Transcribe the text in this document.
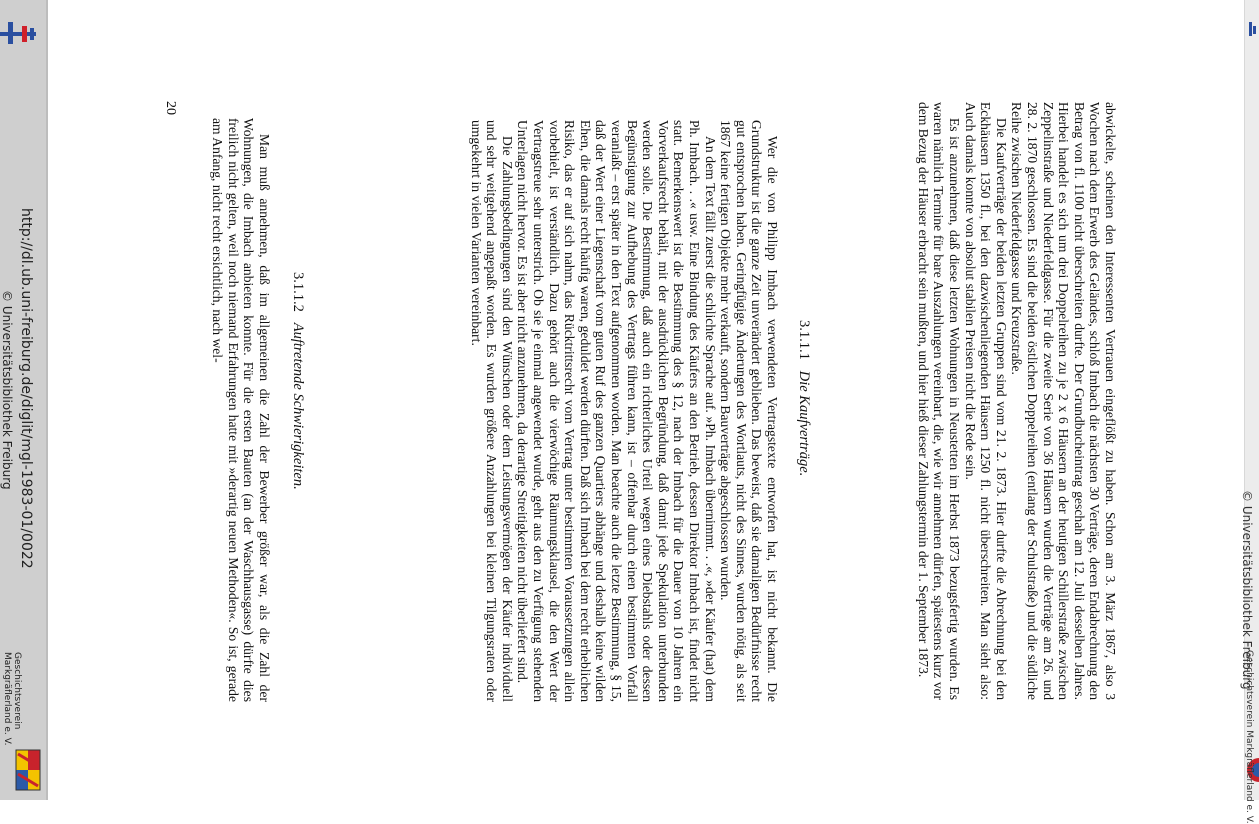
http://dl.ub.uni-freiburg.de/diglit/mgl-1983-01/0022
© Universitätsbibliothek Freiburg
Geschichtsverein Markgräflerland e. V.
© Universitätsbibliothek Freiburg
Geschichtsverein Markgräflerland e. V.
20	abwickelte, scheinen den Interessenten Vertrauen eingeflößt zu haben. Schon am 3. März 1867, also 3 Wochen nach dem Erwerb des Geländes, schloß Imbach die nächsten 30 Verträge, deren Endabrechnung den Betrag von fl. 1100 nicht überschreiten durfte. Der Grundbucheintrag geschah am 12. Juli desselben Jahres. Hierbei handelt es sich um drei Doppelreihen zu je 2 x 6 Häusern an der heutigen Schillerstraße zwischen Zeppelinstraße und Niederfeldgasse. Für die zweite Serie von 36 Häusern wurden die Verträge am 26. und 28. 2. 1870 geschlossen. Es sind die beiden östlichen Doppelreihen (entlang der Schulstraße) und die südliche Reihe zwischen Niederfeldgasse und Kreuzstraße.

Die Kaufverträge der beiden letzten Gruppen sind vom 21. 2. 1873. Hier durfte die Abrechnung bei den Eckhäusern 1350 fl., bei den dazwischenliegenden Häusern 1250 fl. nicht überschreiten. Man sieht also: Auch damals konnte von absolut stabilen Preisen nicht die Rede sein.

Es ist anzunehmen, daß diese letzten Wohnungen in Neustetten im Herbst 1873 bezugsfertig wurden. Es waren nämlich Termine für bare Auszahlungen vereinbart, die, wie wir annehmen dürfen, spätestens kurz vor dem Bezug der Häuser erbracht sein mußten, und hier hieß dieser Zahlungstermin der 1. September 1873.

3.1.1.1   Die Kaufverträge.

Wer die von Philipp Imbach verwendeten Vertragstexte entworfen hat, ist nicht bekannt. Die Grundstruktur ist die ganze Zeit unverändert geblieben. Das beweist, daß sie damaligen Bedürfnisse recht gut entsprochen haben. Geringfügige Änderungen des Wortlauts, nicht des Sinnes, wurden nötig, als seit 1867 keine fertigen Objekte mehr verkauft, sondern Bauverträge abgeschlossen wurden.

An dem Text fällt zuerst die schlichte Sprache auf. »Ph. Imbach übernimmt. . .«, »der Käufer (hat) dem Ph. Imbach. . .« usw. Eine Bindung des Käufers an den Betrieb, dessen Direktor Imbach ist, findet nicht statt. Bemerkenswert ist die Bestimmung des § 12, nach der Imbach für die Dauer von 10 Jahren ein Vorverkaufsrecht behält, mit der ausdrücklichen Begründung, daß damit jede Spekulation unterbunden werden solle. Die Bestimmung, daß auch ein richterliches Urteil wegen eines Diebstahls oder dessen Begünstigung zur Aufhebung des Vertrags führen kann, ist – offenbar durch einen bestimmten Vorfall veranlaßt – erst später in den Text aufgenommen worden. Man beachte auch die letzte Bestimmung, § 15, daß der Wert einer Liegenschaft vom guten Ruf des ganzen Quartiers abhänge und deshalb keine wilden Ehen, die damals recht häufig waren, geduldet werden dürften. Daß sich Imbach bei dem recht erheblichen Risiko, das er auf sich nahm, das Rücktrittsrecht vom Vertrag unter bestimmten Voraussetzungen allein vorbehielt, ist verständlich. Dazu gehört auch die vierwöchige Räumungsklausel, die den Wert der Vertragstreue sehr unterstrich. Ob sie je einmal angewendet wurde, geht aus den zu Verfügung stehenden Unterlagen nicht hervor. Es ist aber nicht anzunehmen, da derartige Streitigkeiten nicht überliefert sind.

Die Zahlungsbedingungen sind den Wünschen oder dem Leistungsvermögen der Käufer individuell und sehr weitgehend angepaßt worden. Es wurden größere Anzahlungen bei kleinen Tilgungsraten oder umgekehrt in vielen Varianten vereinbart.

3.1.1.2   Auftretende Schwierigkeiten.

Man muß annehmen, daß im allgemeinen die Zahl der Bewerber größer war, als die Zahl der Wohnungen, die Imbach anbieten konnte. Für die ersten Bauten (an der Waschhausgasse) dürfte dies freilich nicht gelten, weil noch niemand Erfahrungen hatte mit »derartig neuen Methoden«. So ist, gerade am Anfang, nicht recht ersichtlich, nach wel-
